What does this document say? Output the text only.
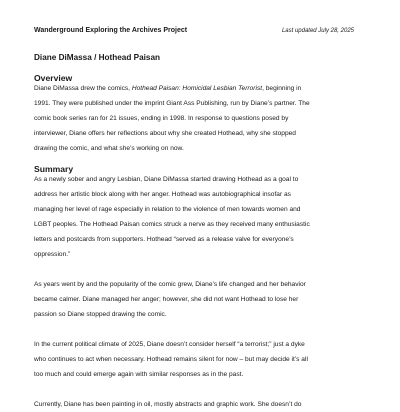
Wanderground Exploring the Archives Project	Last updated July 28, 2025
Diane DiMassa / Hothead Paisan
Overview
Diane DiMassa drew the comics, Hothead Paisan: Homicidal Lesbian Terrorist, beginning in
1991. They were published under the imprint Giant Ass Publishing, run by Diane’s partner. The
comic book series ran for 21 issues, ending in 1998. In response to questions posed by
interviewer, Diane offers her reflections about why she created Hothead, why she stopped
drawing the comic, and what she’s working on now.
Summary
As a newly sober and angry Lesbian, Diane DiMassa started drawing Hothead as a goal to
address her artistic block along with her anger. Hothead was autobiographical insofar as
managing her level of rage especially in relation to the violence of men towards women and
LGBT peoples. The Hothead Paisan comics struck a nerve as they received many enthusiastic
letters and postcards from supporters. Hothead “served as a release valve for everyone’s
oppression.”
As years went by and the popularity of the comic grew, Diane’s life changed and her behavior
became calmer. Diane managed her anger; however, she did not want Hothead to lose her
passion so Diane stopped drawing the comic.
In the current political climate of 2025, Diane doesn’t consider herself “a terrorist;” just a dyke
who continues to act when necessary. Hothead remains silent for now – but may decide it’s all
too much and could emerge again with similar responses as in the past.
Currently, Diane has been painting in oil, mostly abstracts and graphic work. She doesn’t do
